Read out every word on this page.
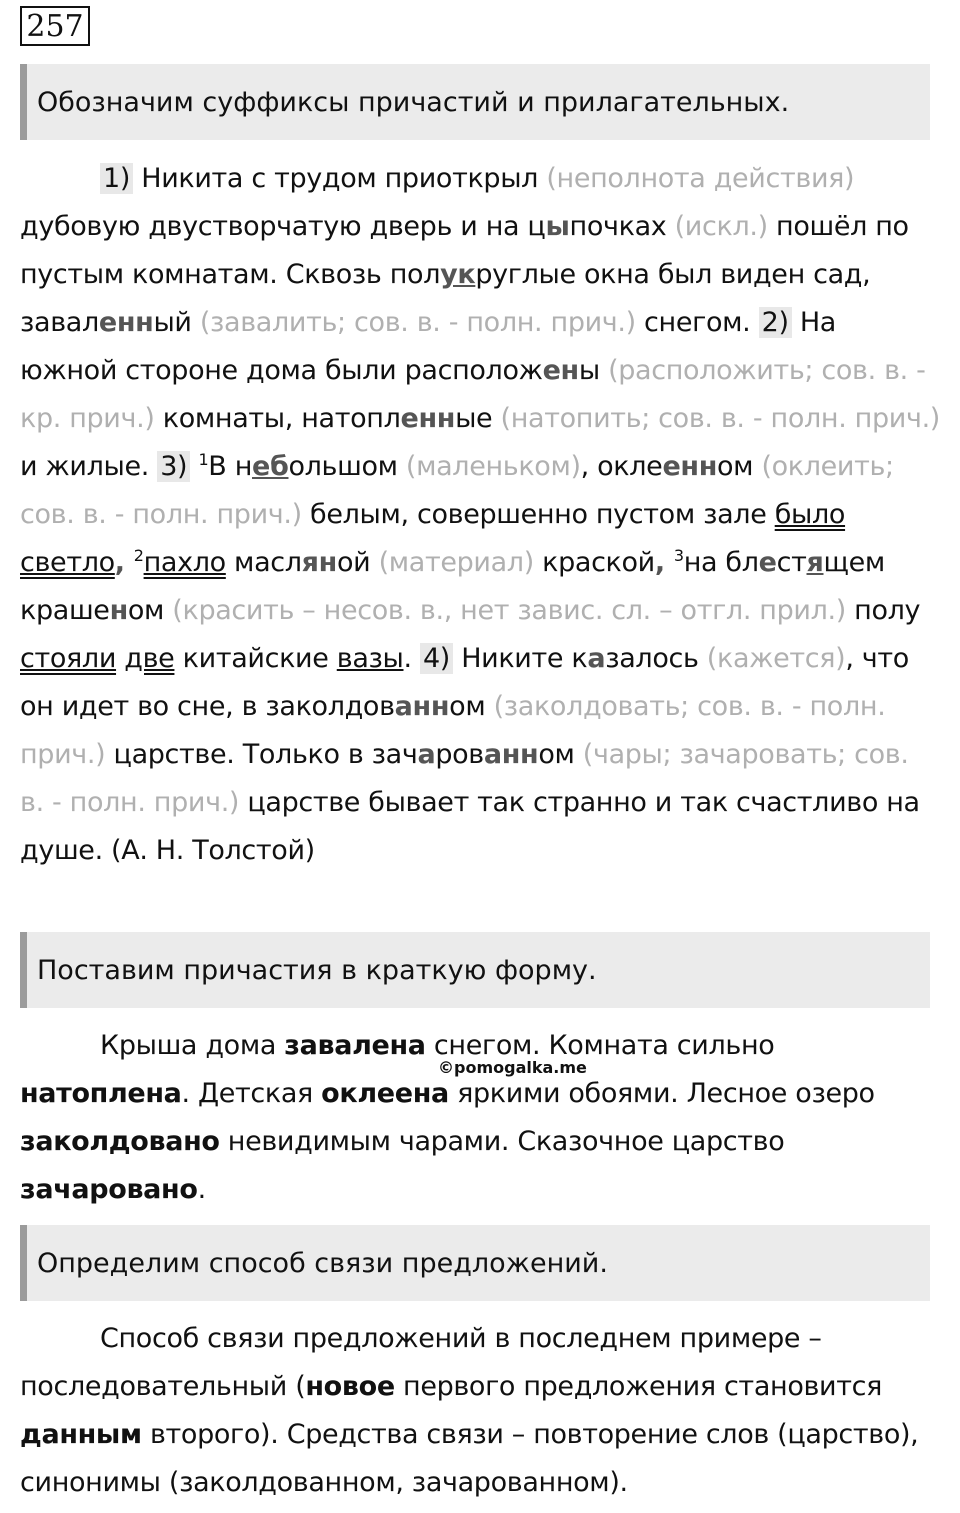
257
Обозначим суффиксы причастий и прилагательных.
1) Никита с трудом приоткрыл (неполнота действия) дубовую двустворчатую дверь и на цыпочках (искл.) пошёл по пустым комнатам. Сквозь полукруглые окна был виден сад, заваленный (завалить; сов. в. - полн. прич.) снегом. 2) На южной стороне дома были расположены (расположить; сов. в. - кр. прич.) комнаты, натопленные (натопить; сов. в. - полн. прич.) и жилые. 3) $^1$В небольшом (маленьком), оклеенном (оклеить; сов. в. - полн. прич.) белым, совершенно пустом зале было светло, $^2$пахло масляной (материал) краской, $^3$на блестящем крашеном (красить – несов. в., нет завис. сл. – отгл. прил.) полу стояли две китайские вазы. 4) Никите казалось (кажется), что он идет во сне, в заколдованном (заколдовать; сов. в. - полн. прич.) царстве. Только в зачарованном (чары; зачаровать; сов. в. - полн. прич.) царстве бывает так странно и так счастливо на душе. (А. Н. Толстой)
Поставим причастия в краткую форму.
Крыша дома завалена снегом. Комната сильно натоплена. Детская оклеена яркими обоями. Лесное озеро заколдовано невидимым чарами. Сказочное царство зачаровано.
©pomogalka.me
Определим способ связи предложений.
Способ связи предложений в последнем примере – последовательный (новое первого предложения становится данным второго). Средства связи – повторение слов (царство), синонимы (заколдованном, зачарованном).
